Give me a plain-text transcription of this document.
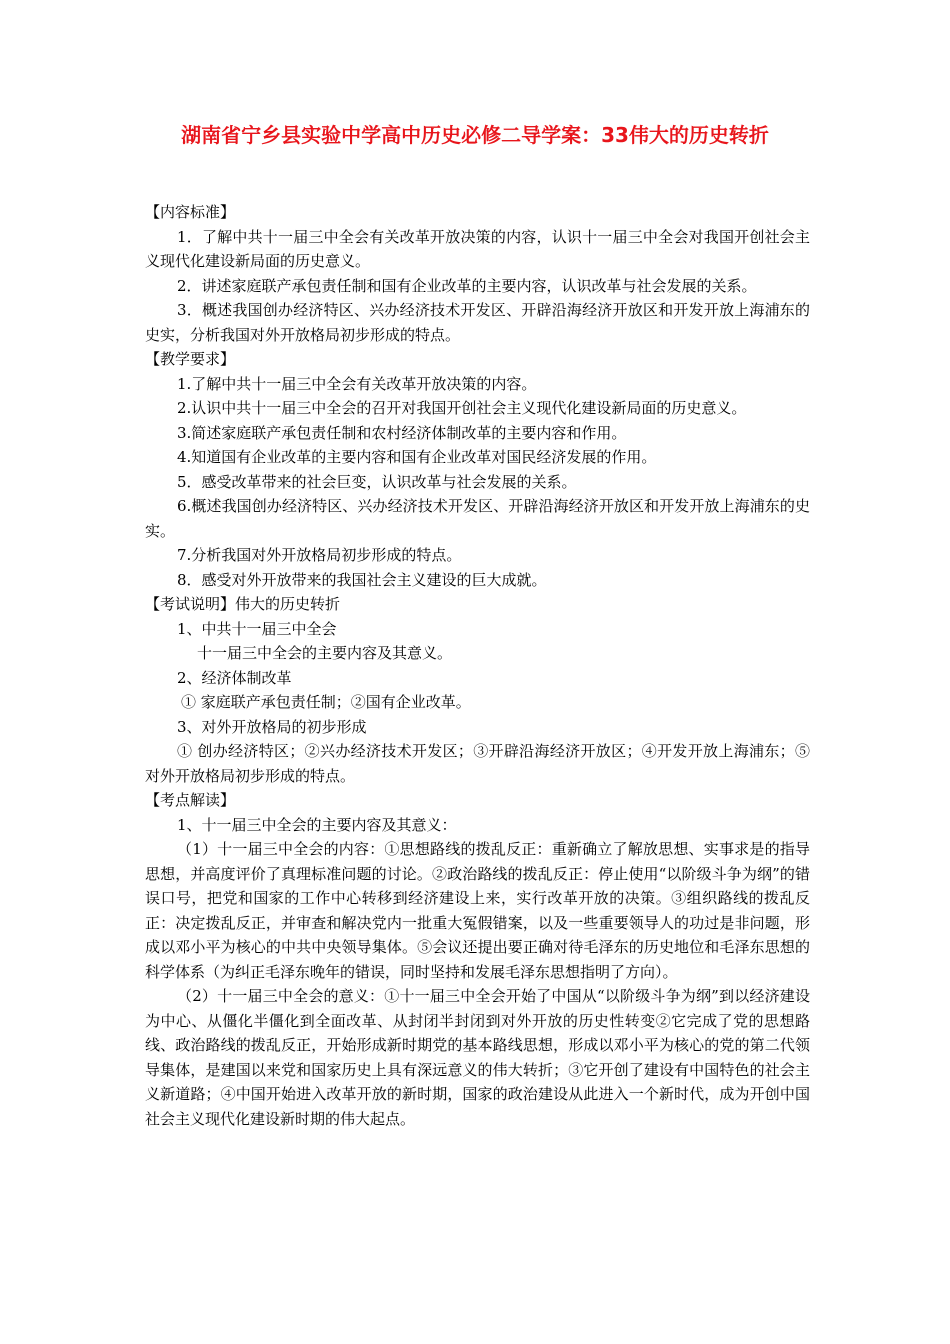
湖南省宁乡县实验中学高中历史必修二导学案：33伟大的历史转折
【内容标准】

1．了解中共十一届三中全会有关改革开放决策的内容，认识十一届三中全会对我国开创社会主义现代化建设新局面的历史意义。

2．讲述家庭联产承包责任制和国有企业改革的主要内容，认识改革与社会发展的关系。

3．概述我国创办经济特区、兴办经济技术开发区、开辟沿海经济开放区和开发开放上海浦东的史实，分析我国对外开放格局初步形成的特点。

【教学要求】

1.了解中共十一届三中全会有关改革开放决策的内容。

2.认识中共十一届三中全会的召开对我国开创社会主义现代化建设新局面的历史意义。

3.简述家庭联产承包责任制和农村经济体制改革的主要内容和作用。

4.知道国有企业改革的主要内容和国有企业改革对国民经济发展的作用。

5．感受改革带来的社会巨变，认识改革与社会发展的关系。

6.概述我国创办经济特区、兴办经济技术开发区、开辟沿海经济开放区和开发开放上海浦东的史实。

7.分析我国对外开放格局初步形成的特点。

8．感受对外开放带来的我国社会主义建设的巨大成就。

【考试说明】伟大的历史转折

1、中共十一届三中全会

十一届三中全会的主要内容及其意义。

2、经济体制改革

① 家庭联产承包责任制；②国有企业改革。

3、对外开放格局的初步形成

① 创办经济特区；②兴办经济技术开发区；③开辟沿海经济开放区；④开发开放上海浦东；⑤对外开放格局初步形成的特点。

【考点解读】

1、十一届三中全会的主要内容及其意义：

（1）十一届三中全会的内容：①思想路线的拨乱反正：重新确立了解放思想、实事求是的指导思想，并高度评价了真理标准问题的讨论。②政治路线的拨乱反正：停止使用“以阶级斗争为纲”的错误口号，把党和国家的工作中心转移到经济建设上来，实行改革开放的决策。③组织路线的拨乱反正：决定拨乱反正，并审查和解决党内一批重大冤假错案，以及一些重要领导人的功过是非问题，形成以邓小平为核心的中共中央领导集体。⑤会议还提出要正确对待毛泽东的历史地位和毛泽东思想的科学体系（为纠正毛泽东晚年的错误，同时坚持和发展毛泽东思想指明了方向）。

（2）十一届三中全会的意义：①十一届三中全会开始了中国从“以阶级斗争为纲”到以经济建设为中心、从僵化半僵化到全面改革、从封闭半封闭到对外开放的历史性转变②它完成了党的思想路线、政治路线的拨乱反正，开始形成新时期党的基本路线思想，形成以邓小平为核心的党的第二代领导集体，是建国以来党和国家历史上具有深远意义的伟大转折；③它开创了建设有中国特色的社会主义新道路；④中国开始进入改革开放的新时期，国家的政治建设从此进入一个新时代，成为开创中国社会主义现代化建设新时期的伟大起点。
